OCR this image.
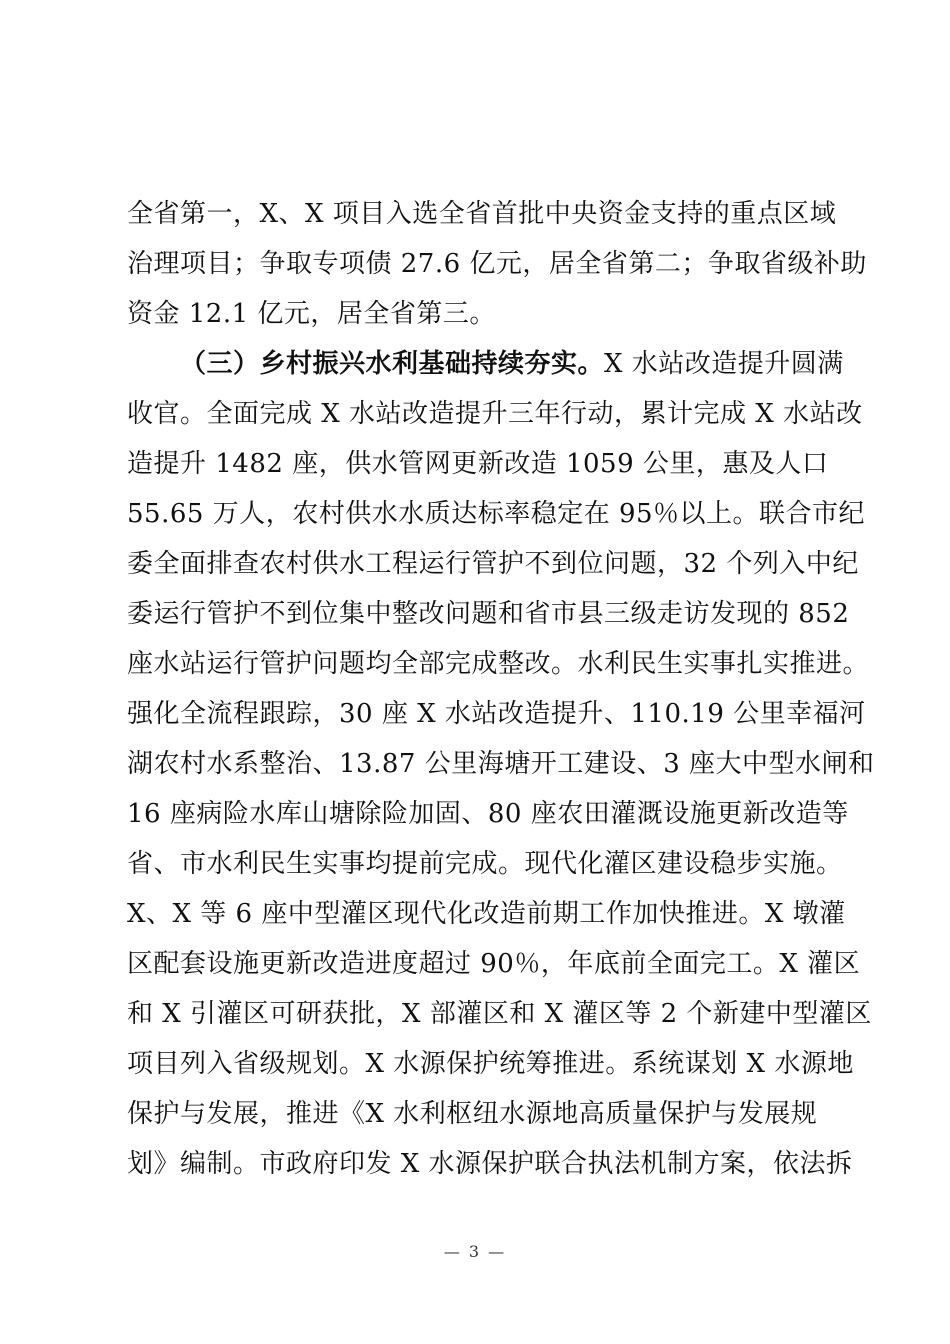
全省第一，X、X 项目入选全省首批中央资金支持的重点区域
治理项目；争取专项债 27.6 亿元，居全省第二；争取省级补助
资金 12.1 亿元，居全省第三。
（三）乡村振兴水利基础持续夯实。X 水站改造提升圆满
收官。全面完成 X 水站改造提升三年行动，累计完成 X 水站改
造提升 1482 座，供水管网更新改造 1059 公里，惠及人口
55.65 万人，农村供水水质达标率稳定在 95％以上。联合市纪
委全面排查农村供水工程运行管护不到位问题，32 个列入中纪
委运行管护不到位集中整改问题和省市县三级走访发现的 852
座水站运行管护问题均全部完成整改。水利民生实事扎实推进。
强化全流程跟踪，30 座 X 水站改造提升、110.19 公里幸福河
湖农村水系整治、13.87 公里海塘开工建设、3 座大中型水闸和
16 座病险水库山塘除险加固、80 座农田灌溉设施更新改造等
省、市水利民生实事均提前完成。现代化灌区建设稳步实施。
X、X 等 6 座中型灌区现代化改造前期工作加快推进。X 墩灌
区配套设施更新改造进度超过 90％，年底前全面完工。X 灌区
和 X 引灌区可研获批，X 部灌区和 X 灌区等 2 个新建中型灌区
项目列入省级规划。X 水源保护统筹推进。系统谋划 X 水源地
保护与发展，推进《X 水利枢纽水源地高质量保护与发展规
划》编制。市政府印发 X 水源保护联合执法机制方案，依法拆
— 3 —
